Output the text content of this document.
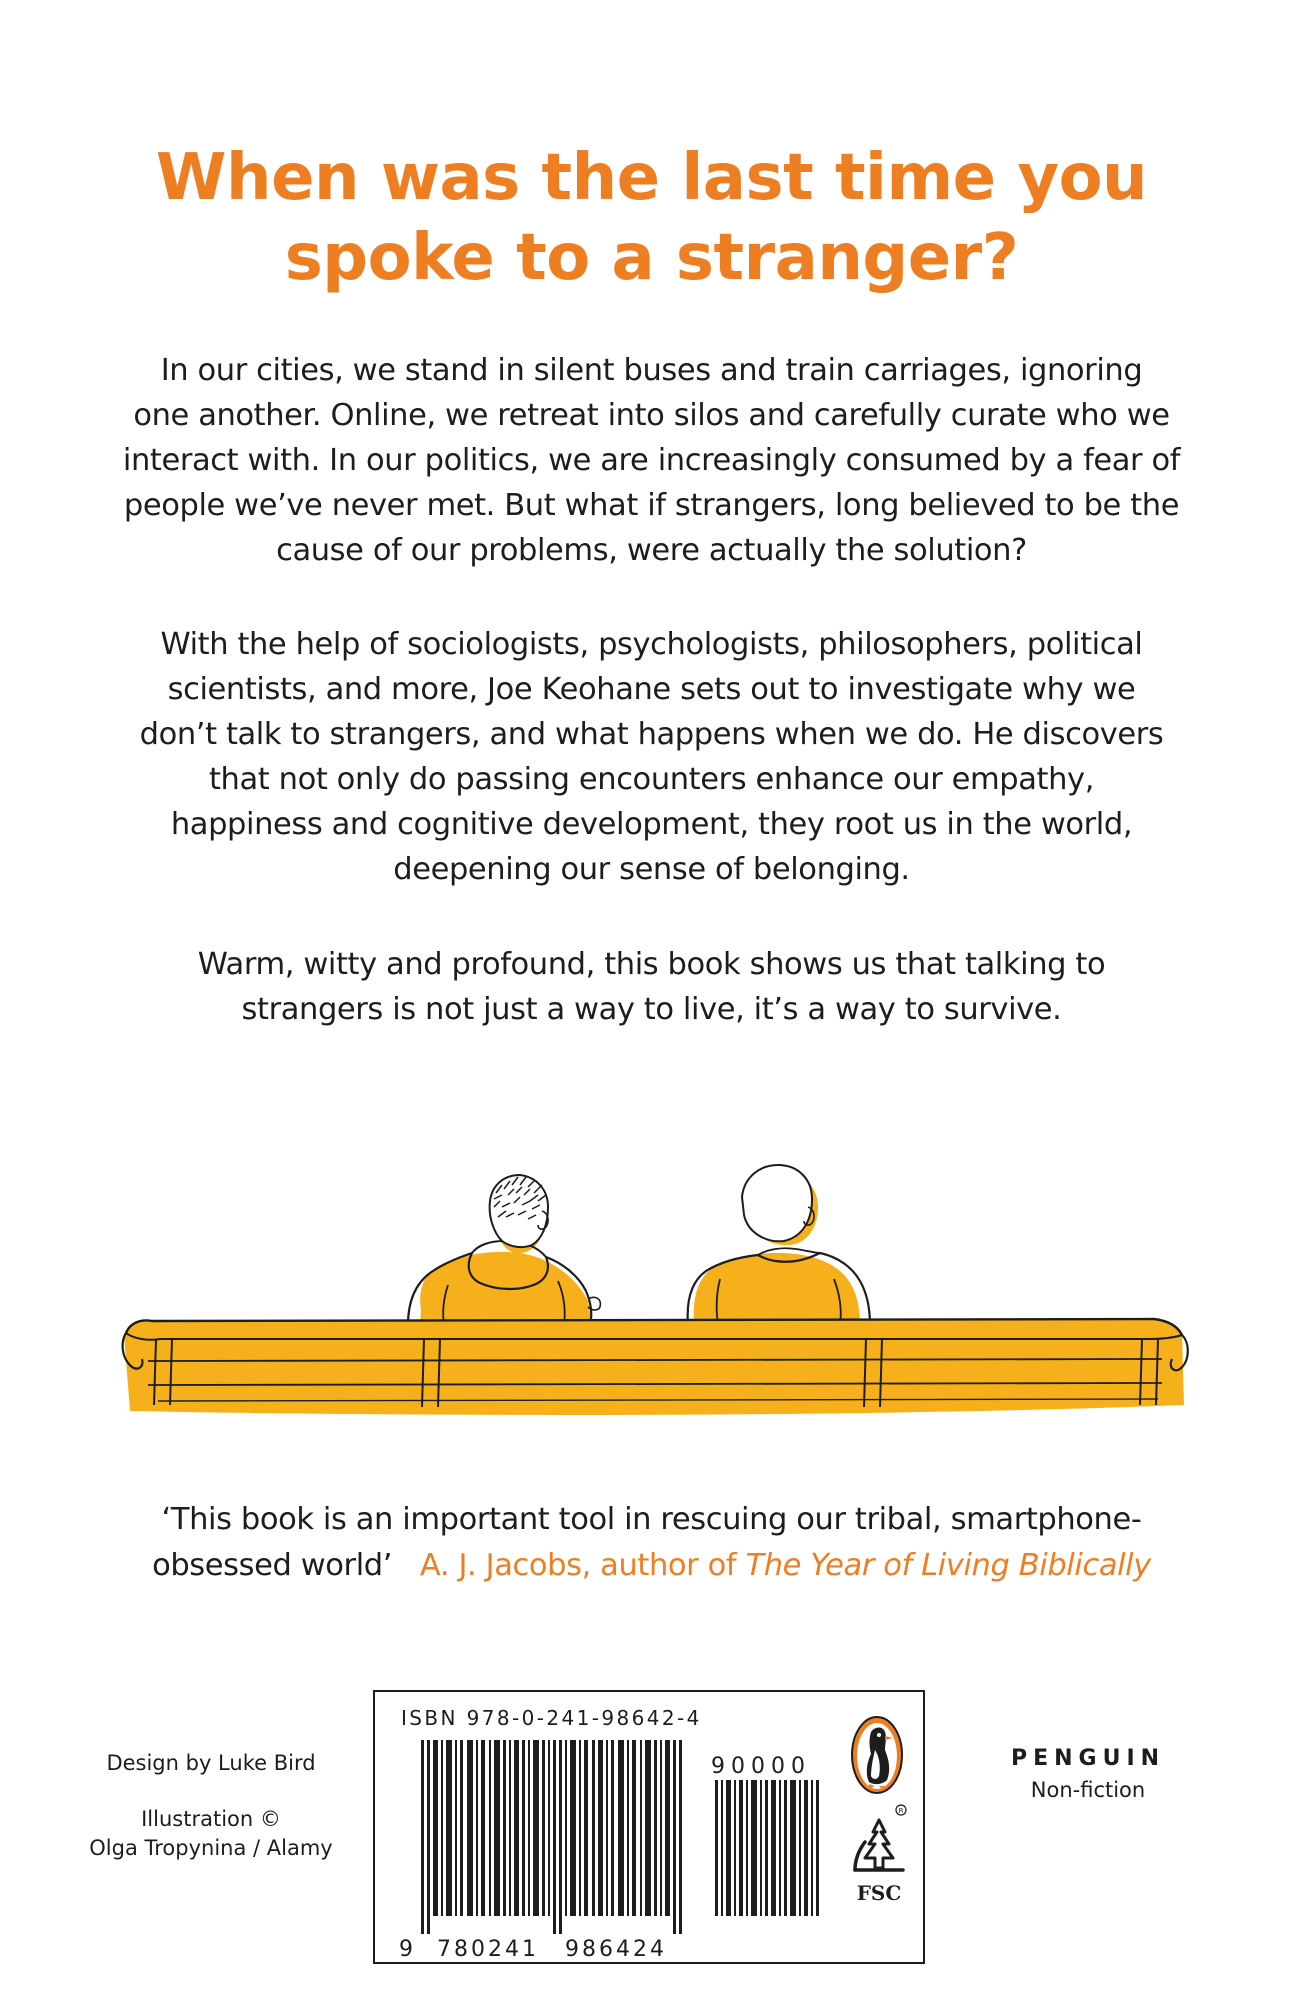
When was the last time you
spoke to a stranger?
In our cities, we stand in silent buses and train carriages, ignoring
one another. Online, we retreat into silos and carefully curate who we
interact with. In our politics, we are increasingly consumed by a fear of
people we’ve never met. But what if strangers, long believed to be the
cause of our problems, were actually the solution?
With the help of sociologists, psychologists, philosophers, political
scientists, and more, Joe Keohane sets out to investigate why we
don’t talk to strangers, and what happens when we do. He discovers
that not only do passing encounters enhance our empathy,
happiness and cognitive development, they root us in the world,
deepening our sense of belonging.
Warm, witty and profound, this book shows us that talking to
strangers is not just a way to live, it’s a way to survive.
‘This book is an important tool in rescuing our tribal, smartphone-
obsessed world’ A. J. Jacobs, author of The Year of Living Biblically
Design by Luke Bird
Illustration ©
Olga Tropynina / Alamy
ISBN 978-0-241-98642-4
90000
9 780241 986424
R
FSC
PENGUIN
Non-fiction
